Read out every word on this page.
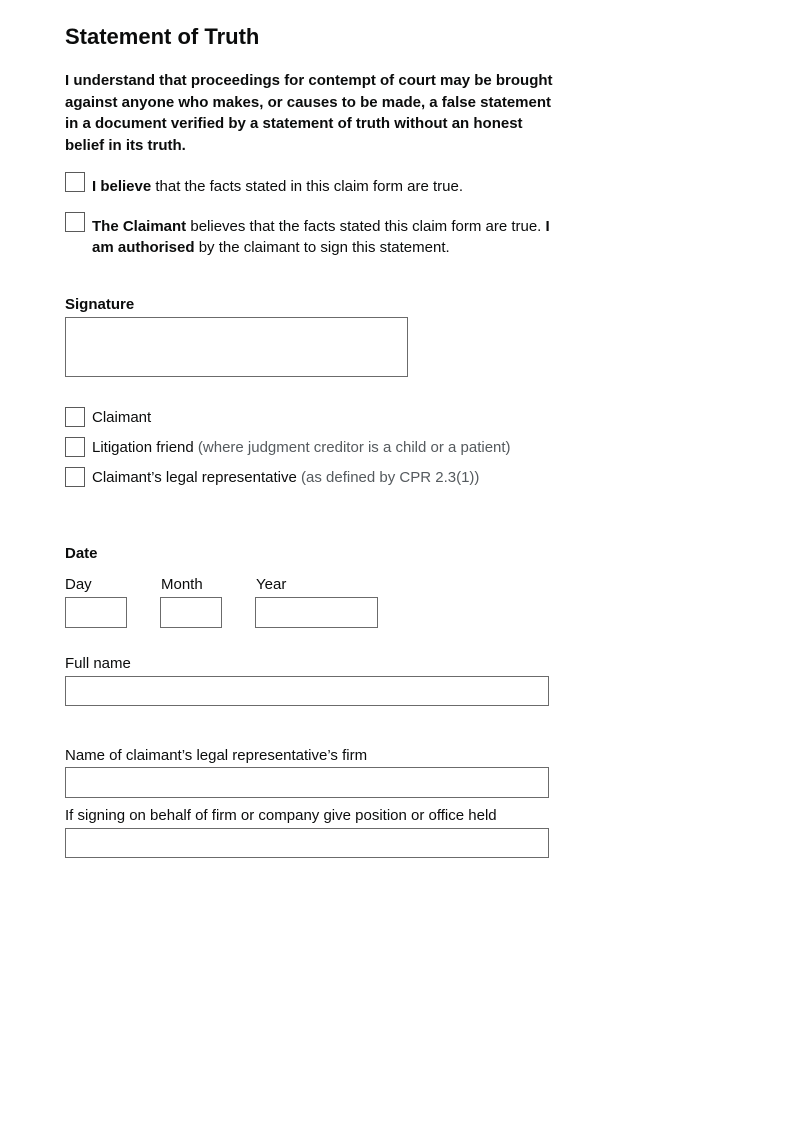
Statement of Truth
I understand that proceedings for contempt of court may be brought against anyone who makes, or causes to be made, a false statement in a document verified by a statement of truth without an honest belief in its truth.
I believe that the facts stated in this claim form are true.
The Claimant believes that the facts stated this claim form are true. I am authorised by the claimant to sign this statement.
Signature
Claimant
Litigation friend (where judgment creditor is a child or a patient)
Claimant’s legal representative (as defined by CPR 2.3(1))
Date
Day	Month	Year
Full name
Name of claimant’s legal representative’s firm
If signing on behalf of firm or company give position or office held
